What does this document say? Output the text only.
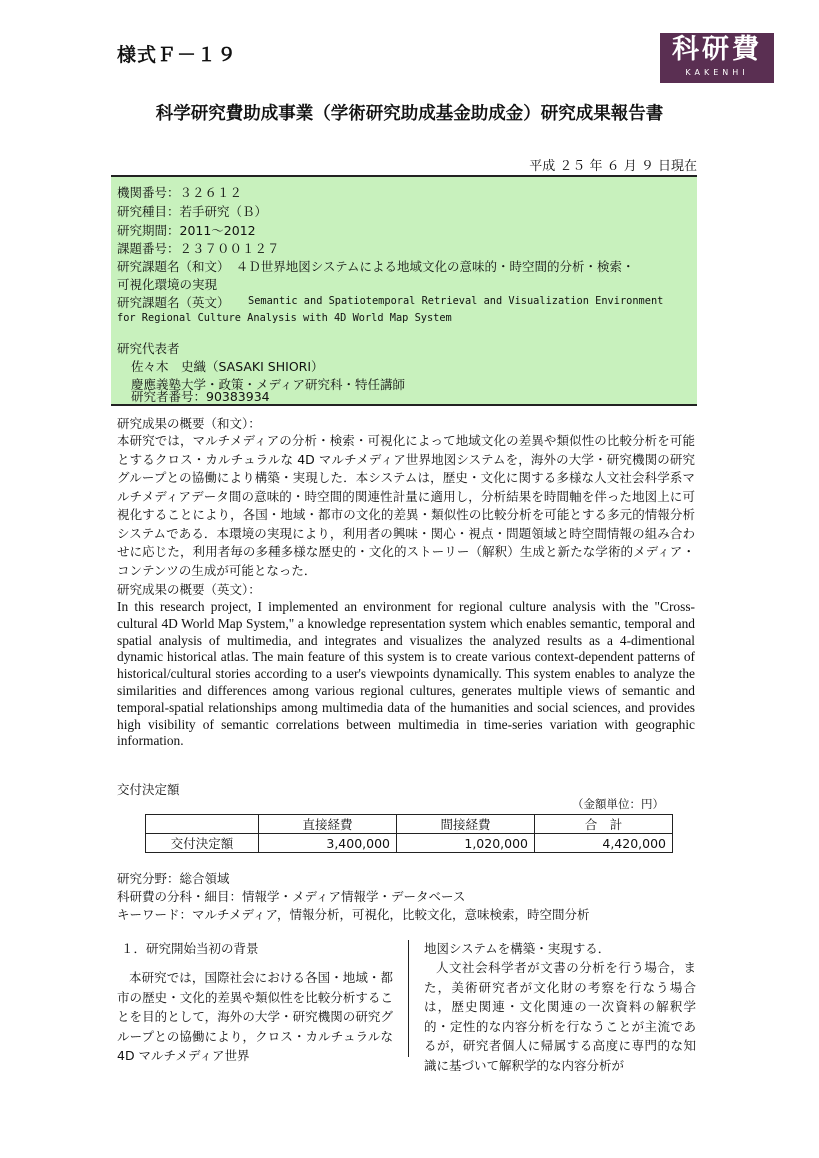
様式Ｆ－１９	科研費
KAKENHI
科学研究費助成事業（学術研究助成基金助成金）研究成果報告書
平成 ２５ 年 ６ 月 ９ 日現在
機関番号：３２６１２
研究種目：若手研究（Ｂ）
研究期間：2011～2012
課題番号：２３７００１２７
研究課題名（和文）　４Ｄ世界地図システムによる地域文化の意味的・時空間的分析・検索・
可視化環境の実現
研究課題名（英文） Semantic and Spatiotemporal Retrieval and Visualization Environment
for Regional Culture Analysis with 4D World Map System
研究代表者
佐々木　史織（SASAKI SHIORI）
慶應義塾大学・政策・メディア研究科・特任講師
研究者番号：90383934
研究成果の概要（和文）：
本研究では，マルチメディアの分析・検索・可視化によって地域文化の差異や類似性の比較分析を可能とするクロス・カルチュラルな 4D マルチメディア世界地図システムを，海外の大学・研究機関の研究グループとの協働により構築・実現した．本システムは，歴史・文化に関する多様な人文社会科学系マルチメディアデータ間の意味的・時空間的関連性計量に適用し，分析結果を時間軸を伴った地図上に可視化することにより，各国・地域・都市の文化的差異・類似性の比較分析を可能とする多元的情報分析システムである．本環境の実現により，利用者の興味・関心・視点・問題領域と時空間情報の組み合わせに応じた，利用者毎の多種多様な歴史的・文化的ストーリー（解釈）生成と新たな学術的メディア・コンテンツの生成が可能となった．
研究成果の概要（英文）：
In this research project, I implemented an environment for regional culture analysis with the "Cross-cultural 4D World Map System," a knowledge representation system which enables semantic, temporal and spatial analysis of multimedia, and integrates and visualizes the analyzed results as a 4-dimentional dynamic historical atlas. The main feature of this system is to create various context-dependent patterns of historical/cultural stories according to a user's viewpoints dynamically. This system enables to analyze the similarities and differences among various regional cultures, generates multiple views of semantic and temporal-spatial relationships among multimedia data of the humanities and social sciences, and provides high visibility of semantic correlations between multimedia in time-series variation with geographic information.
交付決定額
（金額単位：円）
	直接経費	間接経費	合　計
交付決定額	3,400,000	1,020,000	4,420,000
研究分野：総合領域
科研費の分科・細目：情報学・メディア情報学・データベース
キーワード：マルチメディア，情報分析，可視化，比較文化，意味検索，時空間分析
１．研究開始当初の背景
本研究では，国際社会における各国・地域・都市の歴史・文化的差異や類似性を比較分析することを目的として，海外の大学・研究機関の研究グループとの協働により，クロス・カルチュラルな 4D マルチメディア世界
地図システムを構築・実現する．
人文社会科学者が文書の分析を行う場合，また，美術研究者が文化財の考察を行なう場合は，歴史関連・文化関連の一次資料の解釈学的・定性的な内容分析を行なうことが主流であるが，研究者個人に帰属する高度に専門的な知識に基づいて解釈学的な内容分析が
